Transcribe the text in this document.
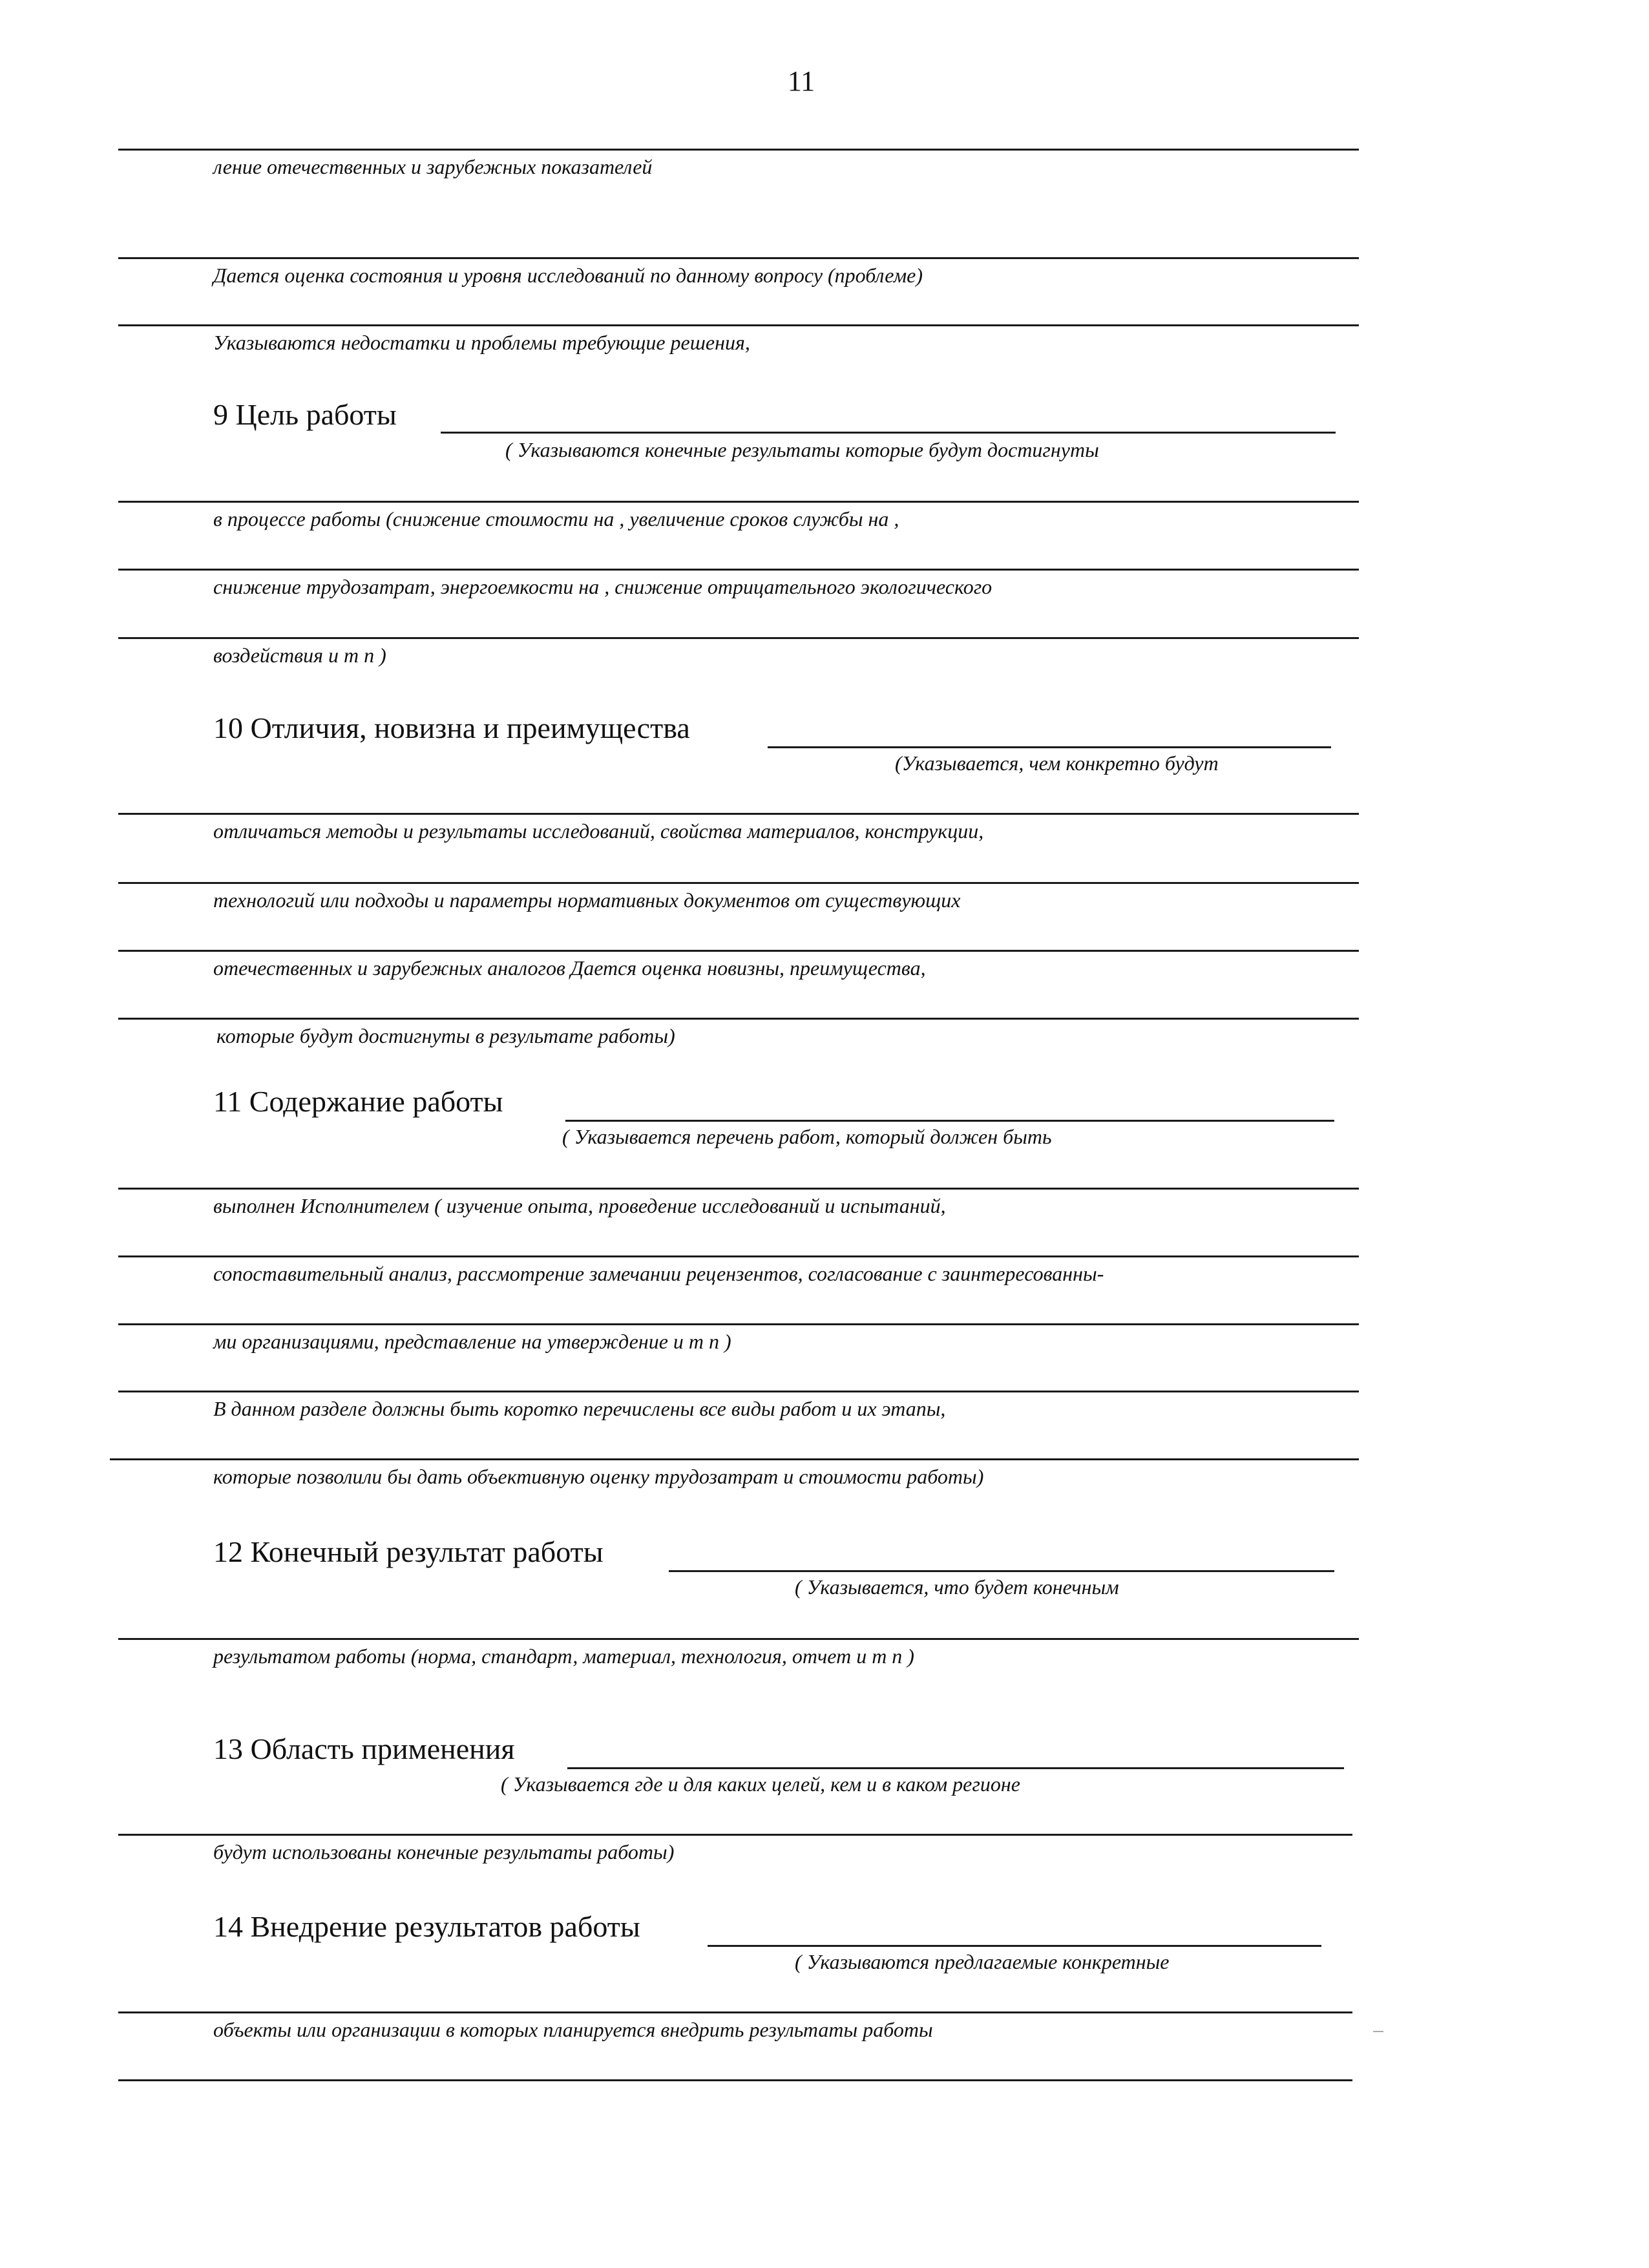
11
ление отечественных и зарубежных показателей
Дается оценка состояния и уровня исследований по данному вопросу (проблеме)
Указываются недостатки и проблемы требующие решения,
9 Цель работы
( Указываются конечные результаты которые будут достигнуты
в процессе работы (снижение стоимости на , увеличение сроков службы на ,
снижение трудозатрат, энергоемкости на , снижение отрицательного экологического
воздействия и т п )
10 Отличия, новизна и преимущества
(Указывается, чем конкретно будут
отличаться методы и результаты исследований, свойства материалов, конструкции,
технологий или подходы и параметры нормативных документов от существующих
отечественных и зарубежных аналогов Дается оценка новизны, преимущества,
которые будут достигнуты в результате работы)
11 Содержание работы
( Указывается перечень работ, который должен быть
выполнен Исполнителем ( изучение опыта, проведение исследований и испытаний,
сопоставительный анализ, рассмотрение замечании рецензентов, согласование с заинтересованны-
ми организациями, представление на утверждение и т п )
В данном разделе должны быть коротко перечислены все виды работ и их этапы,
которые позволили бы дать объективную оценку трудозатрат и стоимости работы)
12 Конечный результат работы
( Указывается, что будет конечным
результатом работы (норма, стандарт, материал, технология, отчет и т п )
13 Область применения
( Указывается где и для каких целей, кем и в каком регионе
будут использованы конечные результаты работы)
14 Внедрение результатов работы
( Указываются предлагаемые конкретные
объекты или организации в которых планируется внедрить результаты работы
